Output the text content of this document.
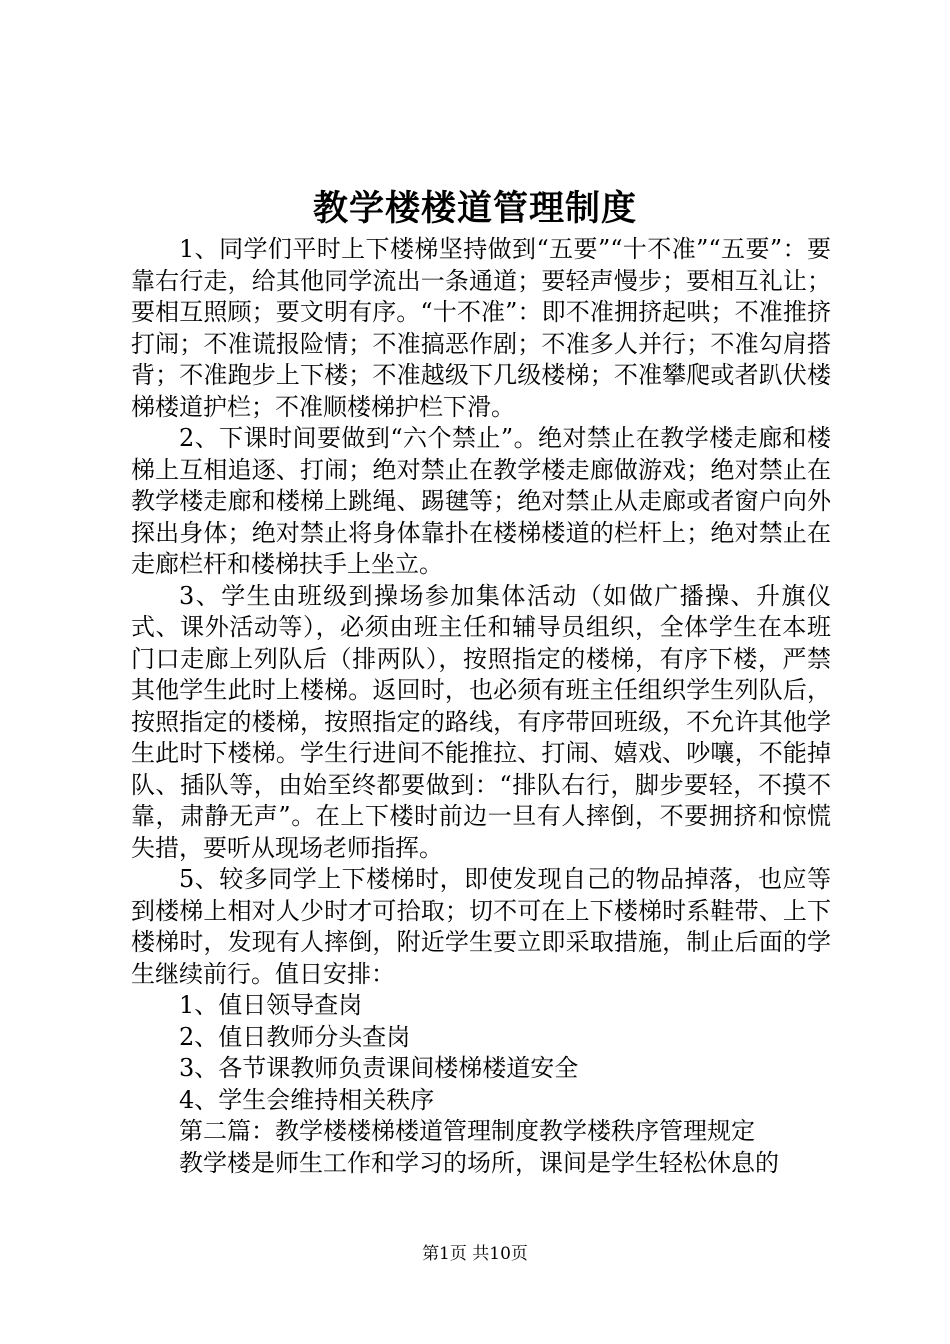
教学楼楼道管理制度

1、同学们平时上下楼梯坚持做到“五要”“十不准”“五要”：要靠右行走，给其他同学流出一条通道；要轻声慢步；要相互礼让；要相互照顾；要文明有序。“十不准”：即不准拥挤起哄；不准推挤打闹；不准谎报险情；不准搞恶作剧；不准多人并行；不准勾肩搭背；不准跑步上下楼；不准越级下几级楼梯；不准攀爬或者趴伏楼梯楼道护栏；不准顺楼梯护栏下滑。

2、下课时间要做到“六个禁止”。绝对禁止在教学楼走廊和楼梯上互相追逐、打闹；绝对禁止在教学楼走廊做游戏；绝对禁止在教学楼走廊和楼梯上跳绳、踢毽等；绝对禁止从走廊或者窗户向外探出身体；绝对禁止将身体靠扑在楼梯楼道的栏杆上；绝对禁止在走廊栏杆和楼梯扶手上坐立。

3、学生由班级到操场参加集体活动（如做广播操、升旗仪式、课外活动等），必须由班主任和辅导员组织，全体学生在本班门口走廊上列队后（排两队），按照指定的楼梯，有序下楼，严禁其他学生此时上楼梯。返回时，也必须有班主任组织学生列队后，按照指定的楼梯，按照指定的路线，有序带回班级，不允许其他学生此时下楼梯。学生行进间不能推拉、打闹、嬉戏、吵嚷，不能掉队、插队等，由始至终都要做到：“排队右行，脚步要轻，不摸不靠，肃静无声”。在上下楼时前边一旦有人摔倒，不要拥挤和惊慌失措，要听从现场老师指挥。

5、较多同学上下楼梯时，即使发现自己的物品掉落，也应等到楼梯上相对人少时才可拾取；切不可在上下楼梯时系鞋带、上下楼梯时，发现有人摔倒，附近学生要立即采取措施，制止后面的学生继续前行。值日安排：

1、值日领导查岗

2、值日教师分头查岗

3、各节课教师负责课间楼梯楼道安全

4、学生会维持相关秩序

第二篇：教学楼楼梯楼道管理制度教学楼秩序管理规定

教学楼是师生工作和学习的场所，课间是学生轻松休息的

第1页 共10页
